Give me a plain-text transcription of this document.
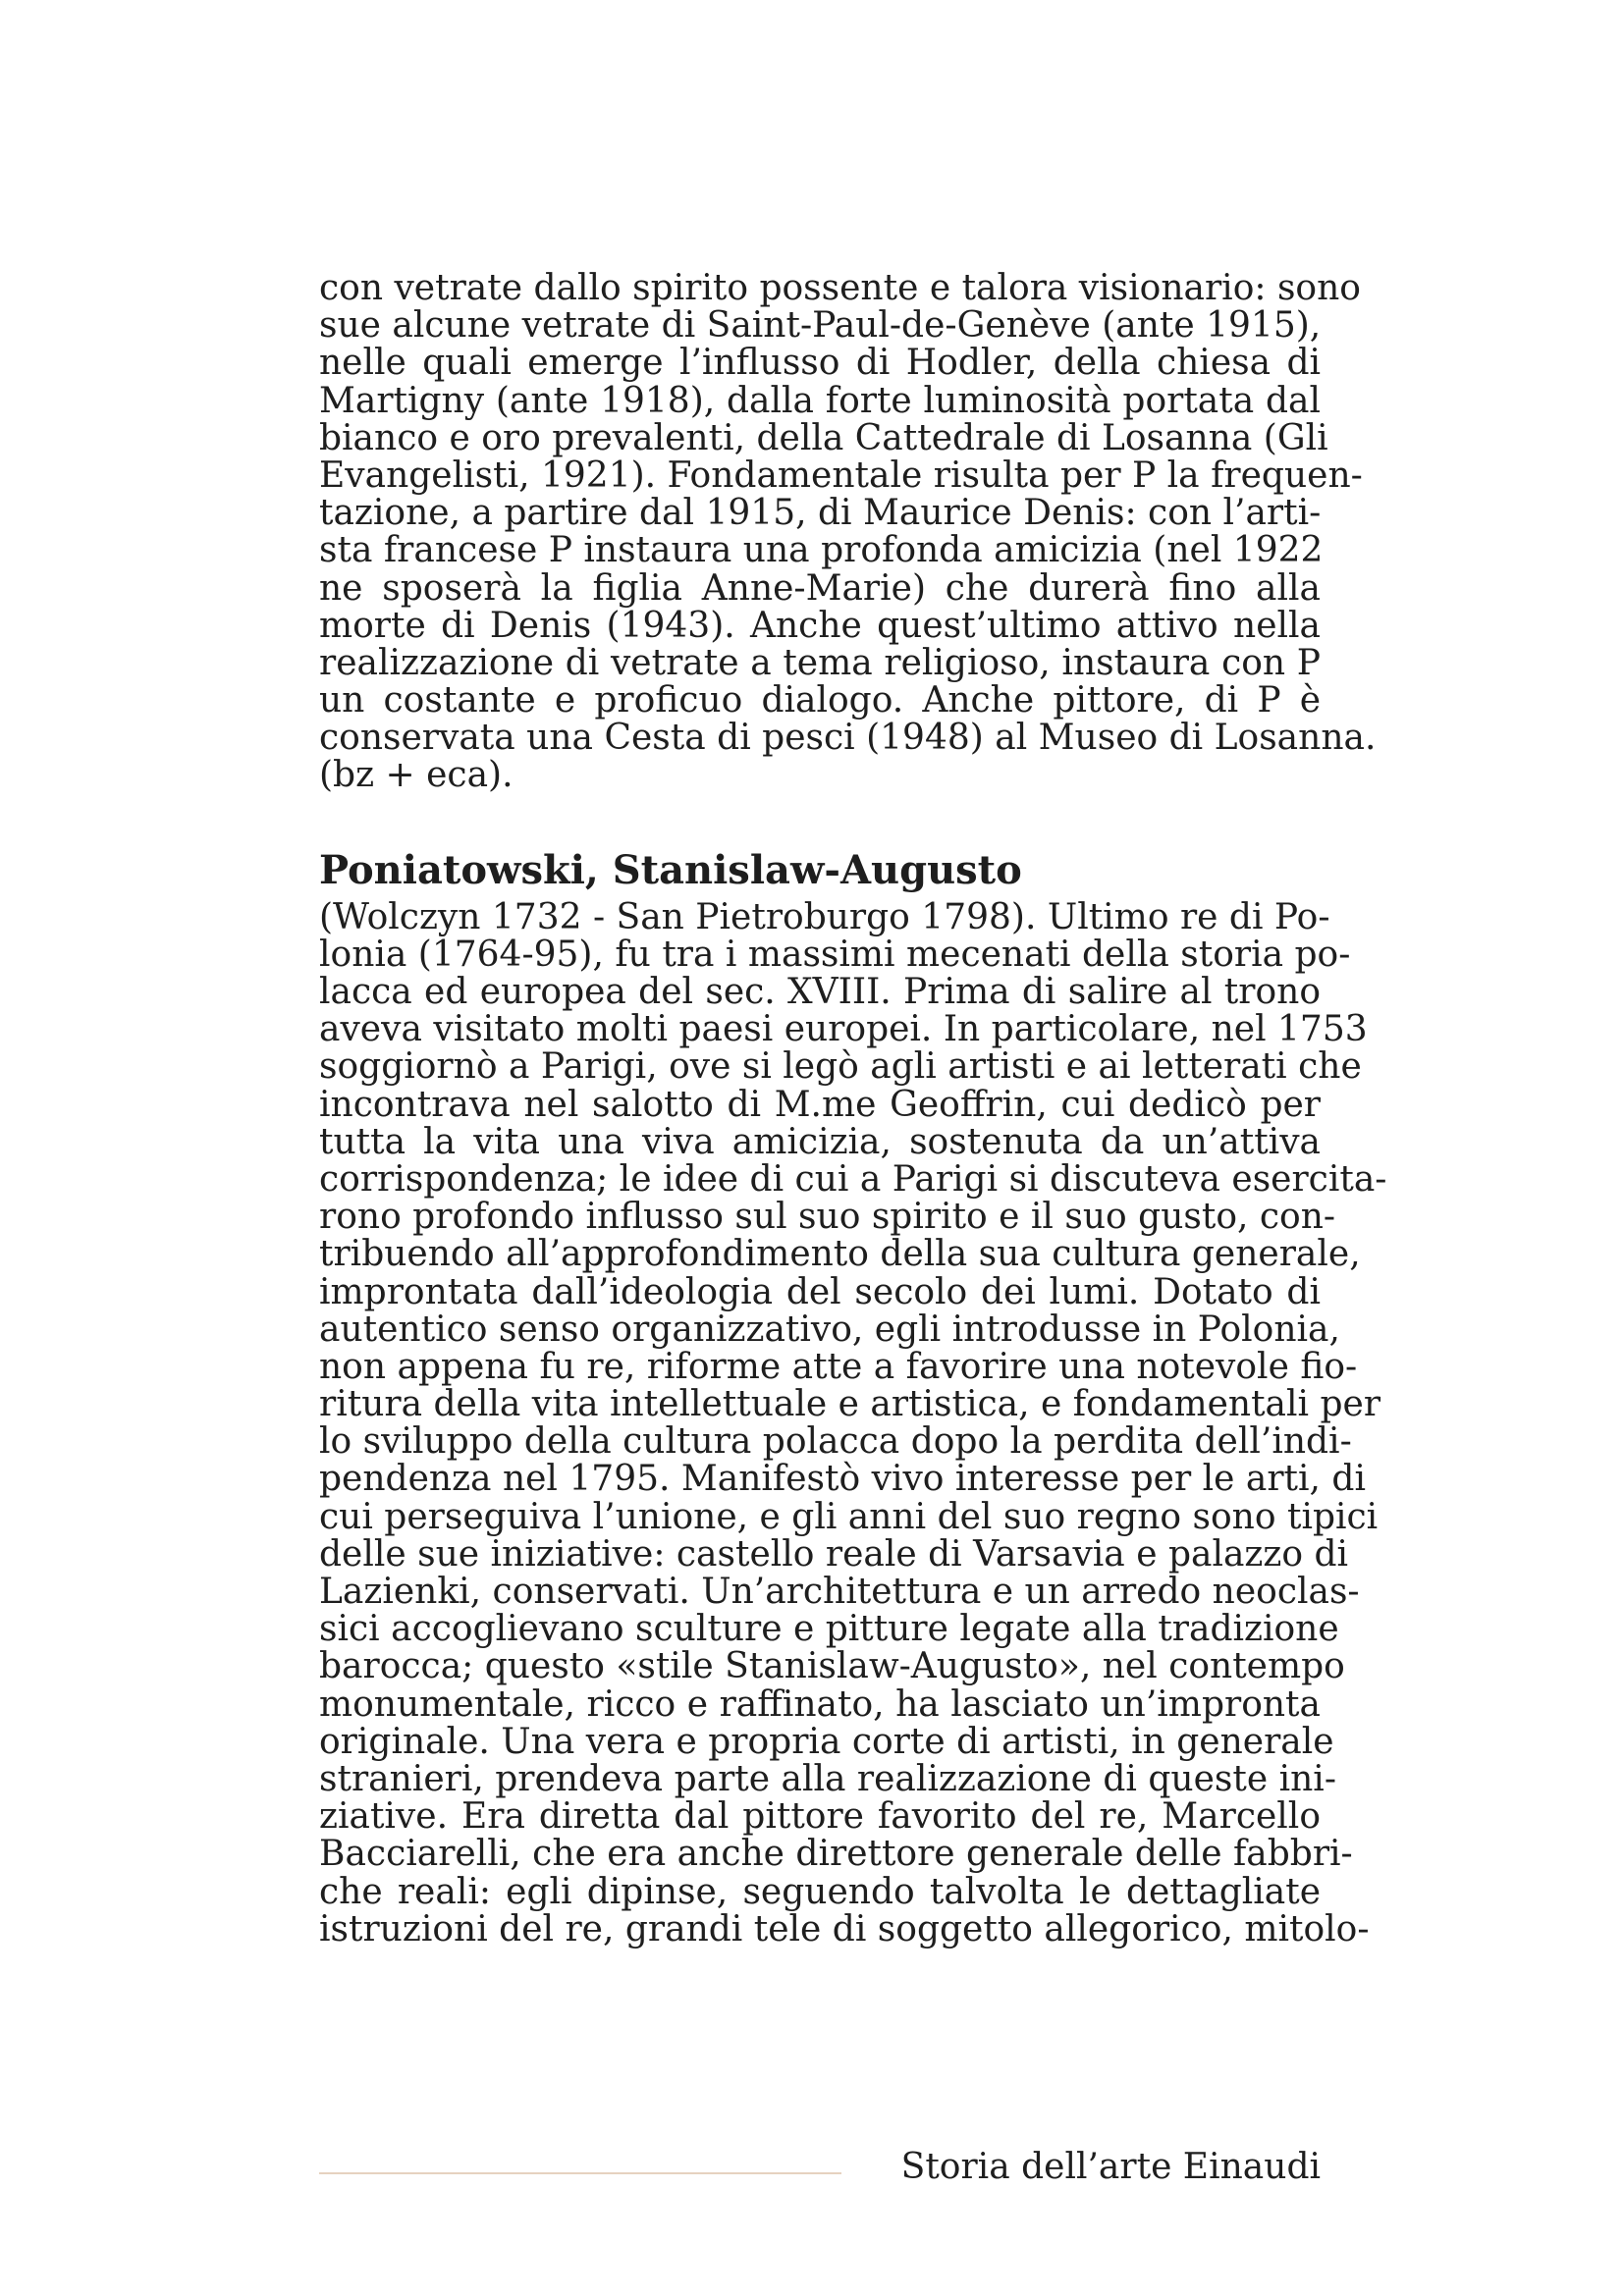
con vetrate dallo spirito possente e talora visionario: sono
sue alcune vetrate di Saint-Paul-de-Genève (ante 1915),
nelle quali emerge l’influsso di Hodler, della chiesa di
Martigny (ante 1918), dalla forte luminosità portata dal
bianco e oro prevalenti, della Cattedrale di Losanna (Gli
Evangelisti, 1921). Fondamentale risulta per P la frequen-
tazione, a partire dal 1915, di Maurice Denis: con l’arti-
sta francese P instaura una profonda amicizia (nel 1922
ne sposerà la figlia Anne-Marie) che durerà fino alla
morte di Denis (1943). Anche quest’ultimo attivo nella
realizzazione di vetrate a tema religioso, instaura con P
un costante e proficuo dialogo. Anche pittore, di P è
conservata una Cesta di pesci (1948) al Museo di Losanna.
(bz + eca).
Poniatowski, Stanislaw-Augusto
(Wolczyn 1732 - San Pietroburgo 1798). Ultimo re di Po-
lonia (1764-95), fu tra i massimi mecenati della storia po-
lacca ed europea del sec. XVIII. Prima di salire al trono
aveva visitato molti paesi europei. In particolare, nel 1753
soggiornò a Parigi, ove si legò agli artisti e ai letterati che
incontrava nel salotto di M.me Geoffrin, cui dedicò per
tutta la vita una viva amicizia, sostenuta da un’attiva
corrispondenza; le idee di cui a Parigi si discuteva esercita-
rono profondo influsso sul suo spirito e il suo gusto, con-
tribuendo all’approfondimento della sua cultura generale,
improntata dall’ideologia del secolo dei lumi. Dotato di
autentico senso organizzativo, egli introdusse in Polonia,
non appena fu re, riforme atte a favorire una notevole fio-
ritura della vita intellettuale e artistica, e fondamentali per
lo sviluppo della cultura polacca dopo la perdita dell’indi-
pendenza nel 1795. Manifestò vivo interesse per le arti, di
cui perseguiva l’unione, e gli anni del suo regno sono tipici
delle sue iniziative: castello reale di Varsavia e palazzo di
Lazienki, conservati. Un’architettura e un arredo neoclas-
sici accoglievano sculture e pitture legate alla tradizione
barocca; questo «stile Stanislaw-Augusto», nel contempo
monumentale, ricco e raffinato, ha lasciato un’impronta
originale. Una vera e propria corte di artisti, in generale
stranieri, prendeva parte alla realizzazione di queste ini-
ziative. Era diretta dal pittore favorito del re, Marcello
Bacciarelli, che era anche direttore generale delle fabbri-
che reali: egli dipinse, seguendo talvolta le dettagliate
istruzioni del re, grandi tele di soggetto allegorico, mitolo-
Storia dell’arte Einaudi
